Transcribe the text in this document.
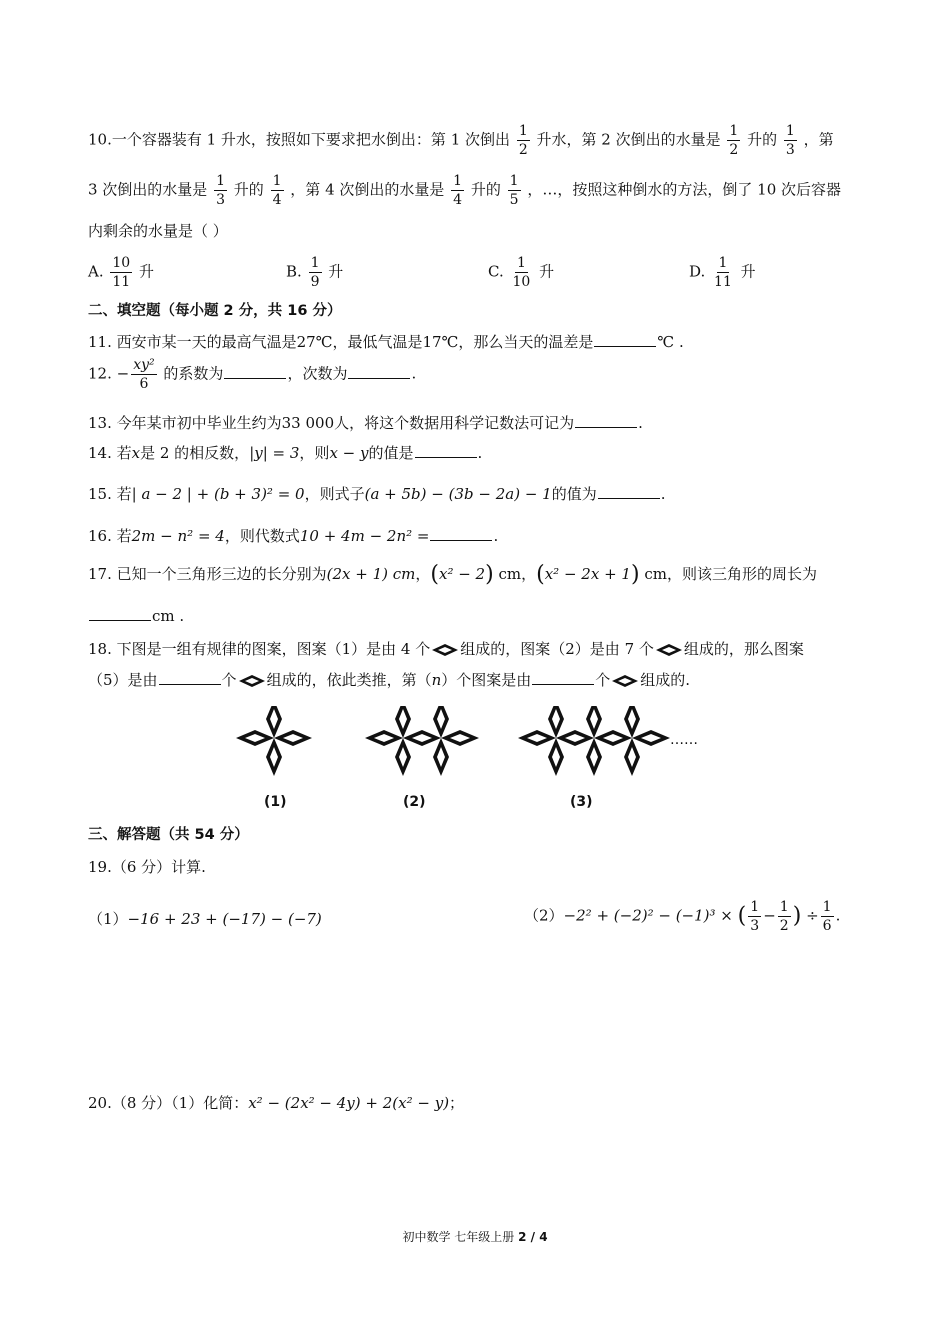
10.一个容器装有 1 升水，按照如下要求把水倒出：第 1 次倒出 $\frac{1}{2}$ 升水，第 2 次倒出的水量是 $\frac{1}{2}$ 升的 $\frac{1}{3}$ ，第
3 次倒出的水量是 $\frac{1}{3}$ 升的 $\frac{1}{4}$ ，第 4 次倒出的水量是 $\frac{1}{4}$ 升的 $\frac{1}{5}$ ，…，按照这种倒水的方法，倒了 10 次后容器
内剩余的水量是（ ）
A. $\frac{10}{11}$ 升	B. $\frac{1}{9}$ 升	C. $\frac{1}{10}$ 升	D. $\frac{1}{11}$ 升
二、填空题（每小题 2 分，共 16 分）
11. 西安市某一天的最高气温是27℃，最低气温是17℃，那么当天的温差是	℃ .
12. − $\frac{\text{xy²}}{6}$ 的系数为	，次数为	.
13. 今年某市初中毕业生约为33 000人，将这个数据用科学记数法可记为	.
14. 若x是 2 的相反数，|y| = 3，则x − y的值是	.
15. 若| a − 2 | + (b + 3)² = 0，则式子(a + 5b) − (3b − 2a) − 1的值为	.
16. 若2m − n² = 4，则代数式10 + 4m − 2n² =	.
17. 已知一个三角形三边的长分别为(2x + 1) cm，(x² − 2) cm，(x² − 2x + 1) cm，则该三角形的周长为
cm .
18. 下图是一组有规律的图案，图案（1）是由 4 个 组成的，图案（2）是由 7 个 组成的，那么图案
（5）是由	个 组成的，依此类推，第（n）个图案是由	个 组成的.
……
(1)	(2)	(3)
三、解答题（共 54 分）
19.（6 分）计算.
（1）−16 + 23 + (−17) − (−7)	（2）−2² + (−2)² − (−1)³ × ( $\frac{1}{3} - \frac{1}{2}$ ) ÷ $\frac{1}{6}$ .
20.（8 分）（1）化简：x² − (2x² − 4y) + 2(x² − y)；
初中数学 七年级上册 2 / 4
